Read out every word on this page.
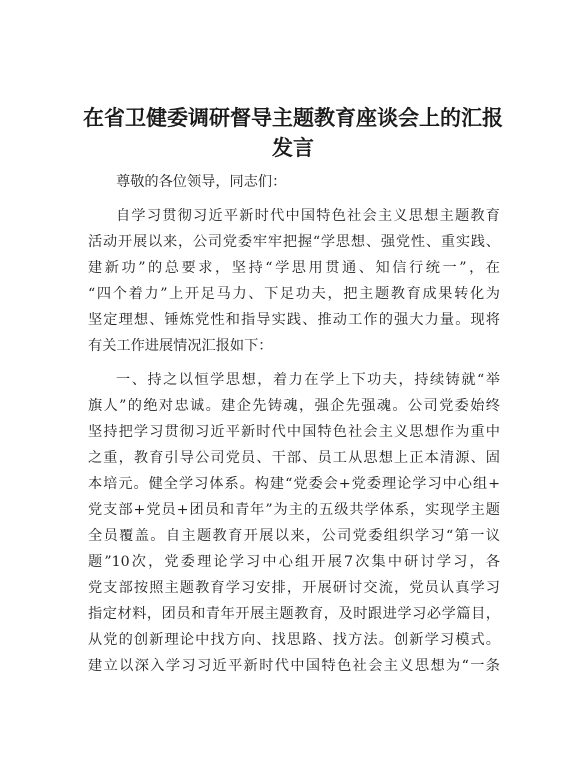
在省卫健委调研督导主题教育座谈会上的汇报
发言
尊敬的各位领导，同志们：
自学习贯彻习近平新时代中国特色社会主义思想主题教育
活动开展以来，公司党委牢牢把握“学思想、强党性、重实践、
建新功”的总要求，坚持“学思用贯通、知信行统一”，在
“四个着力”上开足马力、下足功夫，把主题教育成果转化为
坚定理想、锤炼党性和指导实践、推动工作的强大力量。现将
有关工作进展情况汇报如下：
一、持之以恒学思想，着力在学上下功夫，持续铸就“举
旗人”的绝对忠诚。建企先铸魂，强企先强魂。公司党委始终
坚持把学习贯彻习近平新时代中国特色社会主义思想作为重中
之重，教育引导公司党员、干部、员工从思想上正本清源、固
本培元。健全学习体系。构建“党委会+党委理论学习中心组+
党支部+党员+团员和青年”为主的五级共学体系，实现学主题
全员覆盖。自主题教育开展以来，公司党委组织学习“第一议
题”10次，党委理论学习中心组开展7次集中研讨学习，各
党支部按照主题教育学习安排，开展研讨交流，党员认真学习
指定材料，团员和青年开展主题教育，及时跟进学习必学篇目，
从党的创新理论中找方向、找思路、找方法。创新学习模式。
建立以深入学习习近平新时代中国特色社会主义思想为“一条
